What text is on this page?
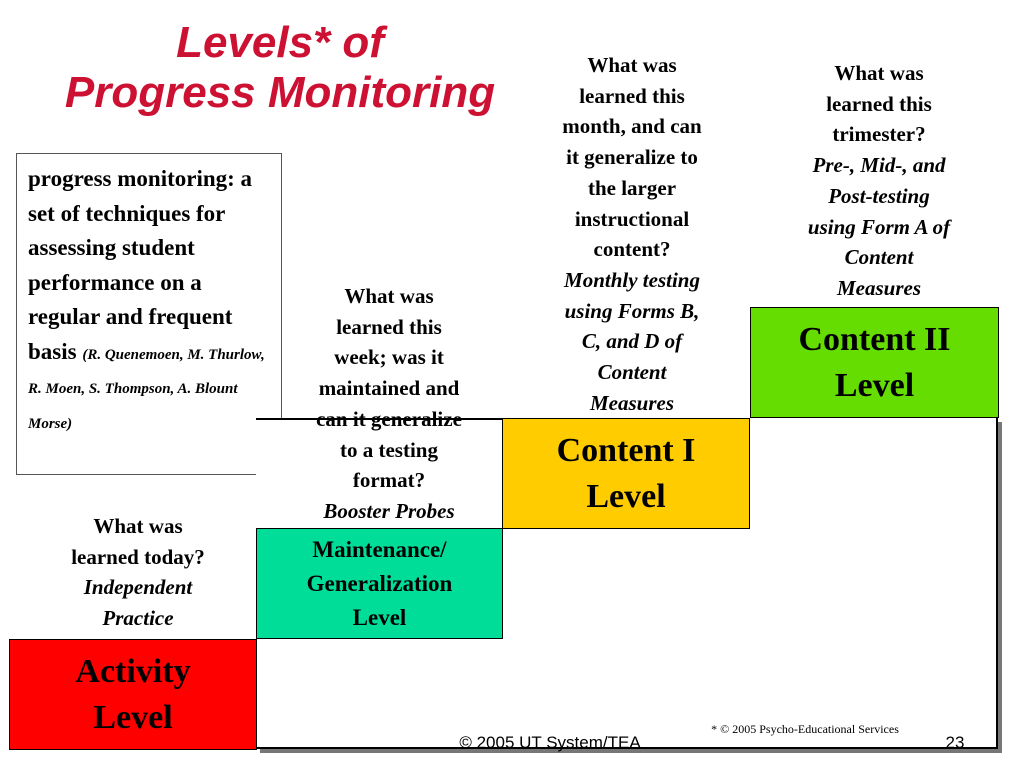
Levels* of
Progress Monitoring
progress monitoring: a set of techniques for assessing student performance on a regular and frequent basis (R. Quenemoen, M. Thurlow, R. Moen, S. Thompson, A. Blount Morse)
Activity
Level
Maintenance/
Generalization
Level
Content I
Level
Content II
Level
What was
learned today?
Independent
Practice
What was
learned this
week; was it
maintained and
can it generalize
to a testing
format?
Booster Probes
What was
learned this
month, and can
it generalize to
the larger
instructional
content?
Monthly testing
using Forms B,
C, and D of
Content
Measures
What was
learned this
trimester?
Pre-, Mid-, and
Post-testing
using Form A of
Content
Measures
* © 2005 Psycho-Educational Services
© 2005 UT System/TEA	23
